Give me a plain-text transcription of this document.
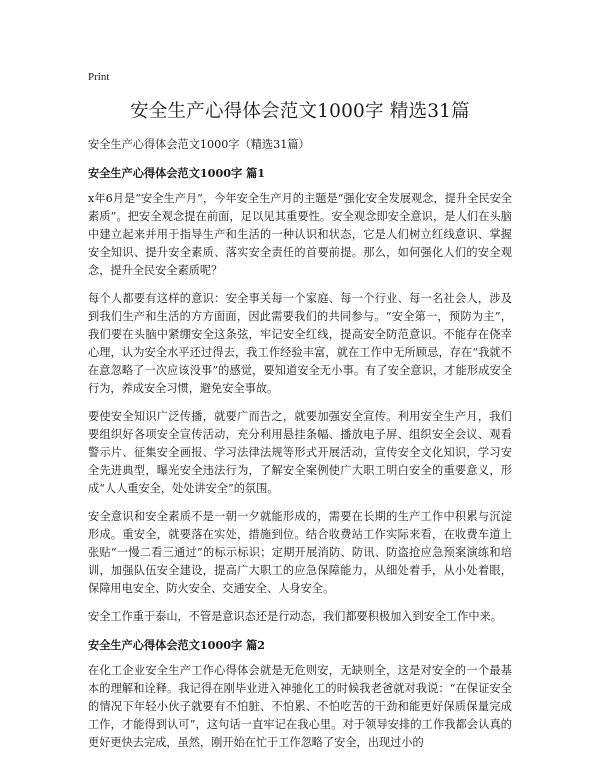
Print
安全生产心得体会范文1000字 精选31篇
安全生产心得体会范文1000字（精选31篇）
安全生产心得体会范文1000字 篇1

x年6月是“安全生产月”，今年安全生产月的主题是“强化安全发展观念，提升全民安全素质”。把安全观念提在前面，足以见其重要性。安全观念即安全意识，是人们在头脑中建立起来并用于指导生产和生活的一种认识和状态，它是人们树立红线意识、掌握安全知识、提升安全素质、落实安全责任的首要前提。那么，如何强化人们的安全观念，提升全民安全素质呢？

每个人都要有这样的意识：安全事关每一个家庭、每一个行业、每一名社会人，涉及到我们生产和生活的方方面面，因此需要我们的共同参与。“安全第一，预防为主”，我们要在头脑中紧绷安全这条弦，牢记安全红线，提高安全防范意识。不能存在侥幸心理，认为安全水平还过得去，我工作经验丰富，就在工作中无所顾忌，存在“我就不在意忽略了一次应该没事”的感觉，要知道安全无小事。有了安全意识，才能形成安全行为，养成安全习惯，避免安全事故。

要使安全知识广泛传播，就要广而告之，就要加强安全宣传。利用安全生产月，我们要组织好各项安全宣传活动，充分利用悬挂条幅、播放电子屏、组织安全会议、观看警示片、征集安全画报、学习法律法规等形式开展活动，宣传安全文化知识，学习安全先进典型，曝光安全违法行为，了解安全案例使广大职工明白安全的重要意义，形成“人人重安全，处处讲安全”的氛围。

安全意识和安全素质不是一朝一夕就能形成的，需要在长期的生产工作中积累与沉淀形成。重安全，就要落在实处，措施到位。结合收费站工作实际来看，在收费车道上张贴“一慢二看三通过”的标示标识；定期开展消防、防讯、防盗抢应急预案演练和培训，加强队伍安全建设，提高广大职工的应急保障能力，从细处着手，从小处着眼，保障用电安全、防火安全、交通安全、人身安全。

安全工作重于泰山，不管是意识态还是行动态，我们都要积极加入到安全工作中来。

安全生产心得体会范文1000字 篇2

在化工企业安全生产工作心得体会就是无危则安，无缺则全，这是对安全的一个最基本的理解和诠释。我记得在刚毕业进入神驰化工的时候我老爸就对我说：“在保证安全的情况下年轻小伙子就要有不怕脏、不怕累、不怕吃苦的干劲和能更好保质保量完成工作，才能得到认可”，这句话一直牢记在我心里。对于领导安排的工作我都会认真的更好更快去完成，虽然，刚开始在忙于工作忽略了安全，出现过小的
